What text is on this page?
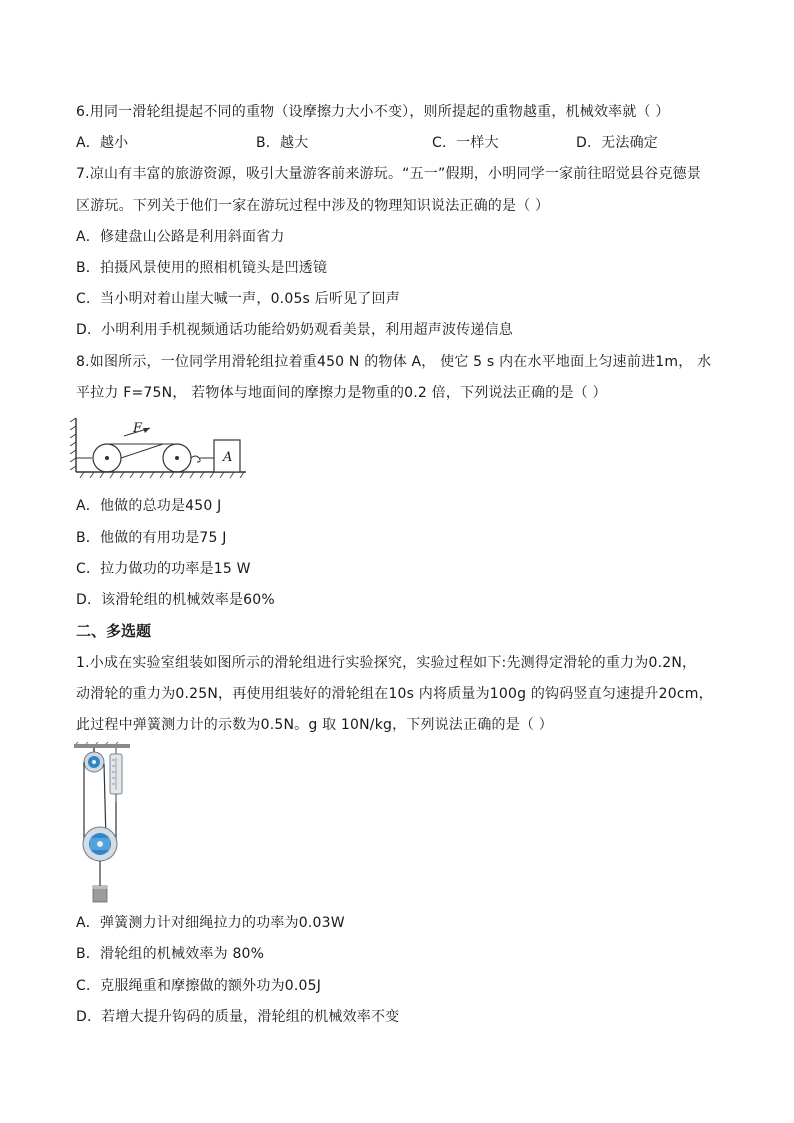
6.用同一滑轮组提起不同的重物（设摩擦力大小不变），则所提起的重物越重，机械效率就（ ）
A．越小	B．越大	C．一样大	D．无法确定
7.凉山有丰富的旅游资源，吸引大量游客前来游玩。“五一”假期，小明同学一家前往昭觉县谷克德景
区游玩。下列关于他们一家在游玩过程中涉及的物理知识说法正确的是（ ）
A．修建盘山公路是利用斜面省力
B．拍摄风景使用的照相机镜头是凹透镜
C．当小明对着山崖大喊一声，0.05s 后听见了回声
D．小明利用手机视频通话功能给奶奶观看美景，利用超声波传递信息
8.如图所示，一位同学用滑轮组拉着重450 N 的物体 A， 使它 5 s 内在水平地面上匀速前进1m， 水
平拉力 F=75N， 若物体与地面间的摩擦力是物重的0.2 倍，下列说法正确的是（ ）
F
A
A．他做的总功是450 J
B．他做的有用功是75 J
C．拉力做功的功率是15 W
D．该滑轮组的机械效率是60%
二、多选题
1.小成在实验室组装如图所示的滑轮组进行实验探究，实验过程如下:先测得定滑轮的重力为0.2N，
动滑轮的重力为0.25N，再使用组装好的滑轮组在10s 内将质量为100g 的钩码竖直匀速提升20cm，
此过程中弹簧测力计的示数为0.5N。g 取 10N/kg，下列说法正确的是（ ）
A．弹簧测力计对细绳拉力的功率为0.03W
B．滑轮组的机械效率为 80%
C．克服绳重和摩擦做的额外功为0.05J
D．若增大提升钩码的质量，滑轮组的机械效率不变
